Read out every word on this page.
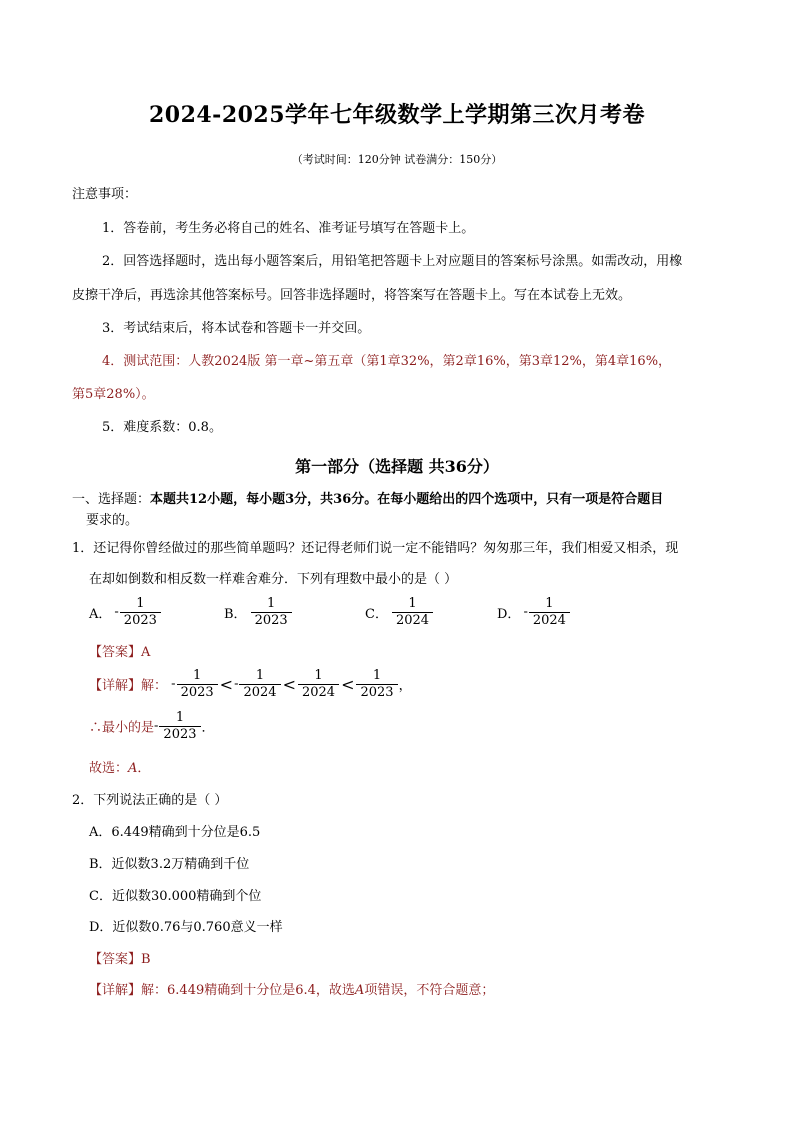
2024-2025学年七年级数学上学期第三次月考卷
（考试时间：120分钟 试卷满分：150分）
注意事项：
1．答卷前，考生务必将自己的姓名、准考证号填写在答题卡上。
2．回答选择题时，选出每小题答案后，用铅笔把答题卡上对应题目的答案标号涂黑。如需改动，用橡
皮擦干净后，再选涂其他答案标号。回答非选择题时，将答案写在答题卡上。写在本试卷上无效。
3．考试结束后，将本试卷和答题卡一并交回。
4．测试范围：人教2024版 第一章~第五章（第1章32%，第2章16%，第3章12%，第4章16%，
第5章28%）。
5．难度系数：0.8。
第一部分（选择题 共36分）
一、选择题：本题共12小题，每小题3分，共36分。在每小题给出的四个选项中，只有一项是符合题目
要求的。
1．还记得你曾经做过的那些简单题吗？还记得老师们说一定不能错吗？匆匆那三年，我们相爱又相杀，现
在却如倒数和相反数一样难舍难分．下列有理数中最小的是（ ）
A． - $\frac{1}{2023}$	B． $\frac{1}{2023}$	C． $\frac{1}{2024}$	D． - $\frac{1}{2024}$
【答案】A
【详解】解： - $\frac{1}{2023} <- \frac{1}{2024} < \frac{1}{2024} < \frac{1}{2023}$ ，
∴最小的是- $\frac{1}{2023}$ ．
故选：A．
2．下列说法正确的是（ ）
A．6.449精确到十分位是6.5
B．近似数3.2万精确到千位
C．近似数30.000精确到个位
D．近似数0.76与0.760意义一样
【答案】B
【详解】解：6.449精确到十分位是6.4，故选A项错误，不符合题意；
